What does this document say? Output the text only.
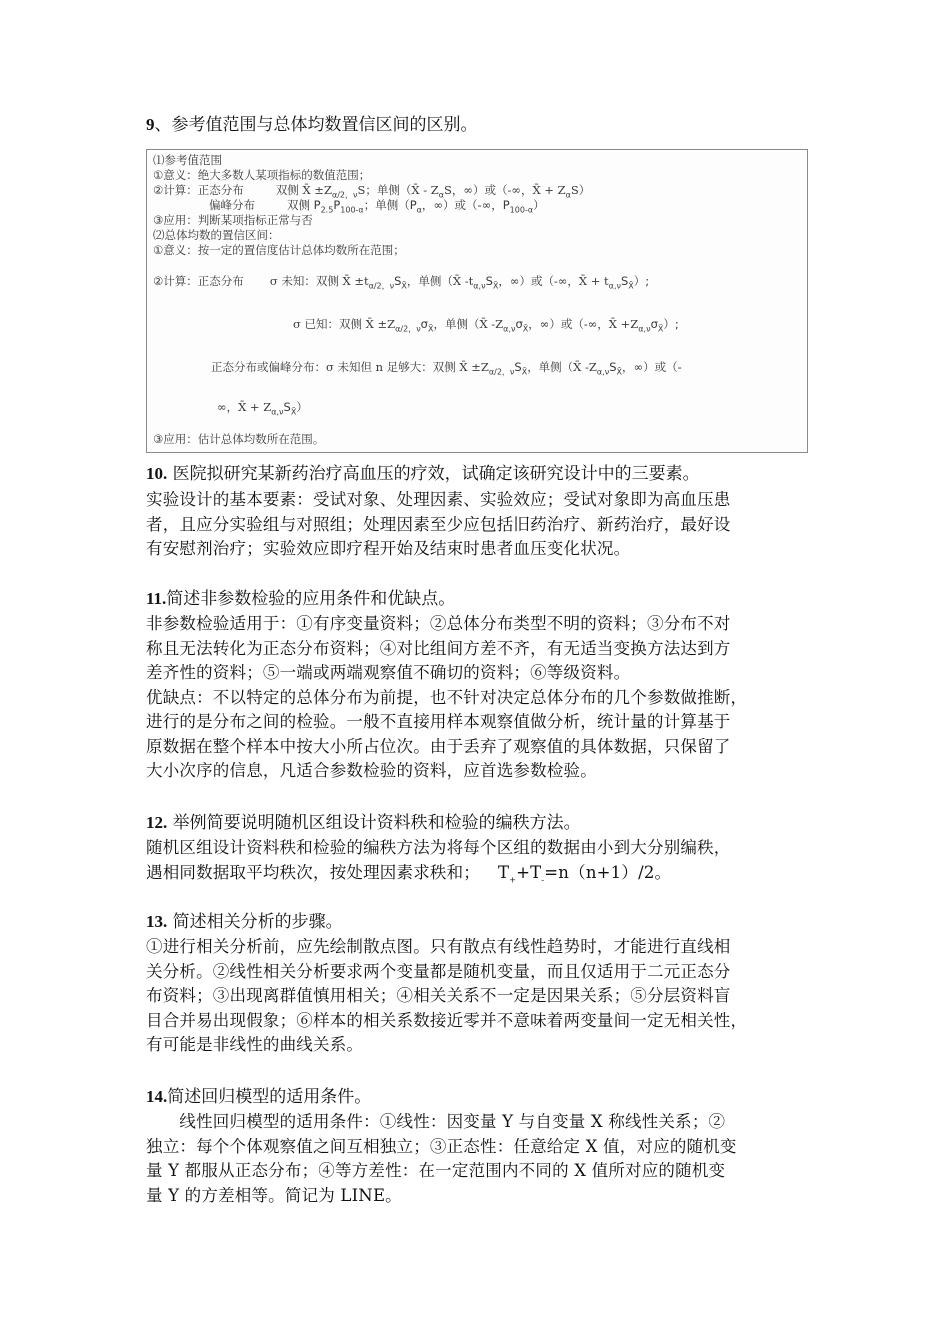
9、参考值范围与总体均数置信区间的区别。
⑴参考值范围
①意义：绝大多数人某项指标的数值范围；
②计算：正态分布	双侧 X̄ $\pm Z_{\alpha/2,\nu}S$；单侧（X̄ - $Z_\alpha S$，∞）或（-∞，X̄ + $Z_\alpha S$）
偏峰分布	双侧 $P_{2.5}P_{100-\alpha}$；单侧（$P_\alpha$，∞）或（-∞，$P_{100-\alpha}$）
③应用：判断某项指标正常与否
⑵总体均数的置信区间：
①意义：按一定的置信度估计总体均数所在范围；
②计算：正态分布 σ 未知：双侧 X̄ $\pm t_{\alpha/2,\nu}S_{X̄}$，单侧（X̄ $-t_{\alpha,\nu}S_{X̄}$，∞）或（-∞，X̄ + $t_{\alpha,\nu}S_{X̄}$）;
σ 已知：双侧 X̄ $\pm Z_{\alpha/2,\nu}\sigma_{X̄}$，单侧（X̄ $-Z_{\alpha,\nu}\sigma_{X̄}$，∞）或（-∞，X̄ $+Z_{\alpha,\nu}\sigma_{X̄}$）;
正态分布或偏峰分布：σ 未知但 n 足够大：双侧 X̄ $\pm Z_{\alpha/2,\nu}S_{X̄}$，单侧（X̄ $-Z_{\alpha,\nu}S_{X̄}$，∞）或（-
∞，X̄ + $Z_{\alpha,\nu}S_{X̄}$）
③应用：估计总体均数所在范围。
10. 医院拟研究某新药治疗高血压的疗效，试确定该研究设计中的三要素。
实验设计的基本要素：受试对象、处理因素、实验效应；受试对象即为高血压患
者，且应分实验组与对照组；处理因素至少应包括旧药治疗、新药治疗，最好设
有安慰剂治疗；实验效应即疗程开始及结束时患者血压变化状况。
11.简述非参数检验的应用条件和优缺点。
非参数检验适用于：①有序变量资料；②总体分布类型不明的资料；③分布不对
称且无法转化为正态分布资料；④对比组间方差不齐，有无适当变换方法达到方
差齐性的资料；⑤一端或两端观察值不确切的资料；⑥等级资料。
优缺点：不以特定的总体分布为前提，也不针对决定总体分布的几个参数做推断，
进行的是分布之间的检验。一般不直接用样本观察值做分析，统计量的计算基于
原数据在整个样本中按大小所占位次。由于丢弃了观察值的具体数据，只保留了
大小次序的信息，凡适合参数检验的资料，应首选参数检验。
12. 举例简要说明随机区组设计资料秩和检验的编秩方法。
随机区组设计资料秩和检验的编秩方法为将每个区组的数据由小到大分别编秩，
遇相同数据取平均秩次，按处理因素求秩和； $T_++T_-=n(n+1)/2$。
13. 简述相关分析的步骤。
①进行相关分析前，应先绘制散点图。只有散点有线性趋势时，才能进行直线相
关分析。②线性相关分析要求两个变量都是随机变量，而且仅适用于二元正态分
布资料；③出现离群值慎用相关；④相关关系不一定是因果关系；⑤分层资料盲
目合并易出现假象；⑥样本的相关系数接近零并不意味着两变量间一定无相关性，
有可能是非线性的曲线关系。
14.简述回归模型的适用条件。
　　线性回归模型的适用条件：①线性：因变量 Y 与自变量 X 称线性关系；②
独立：每个个体观察值之间互相独立；③正态性：任意给定 X 值，对应的随机变
量 Y 都服从正态分布；④等方差性：在一定范围内不同的 X 值所对应的随机变
量 Y 的方差相等。简记为 LINE。
